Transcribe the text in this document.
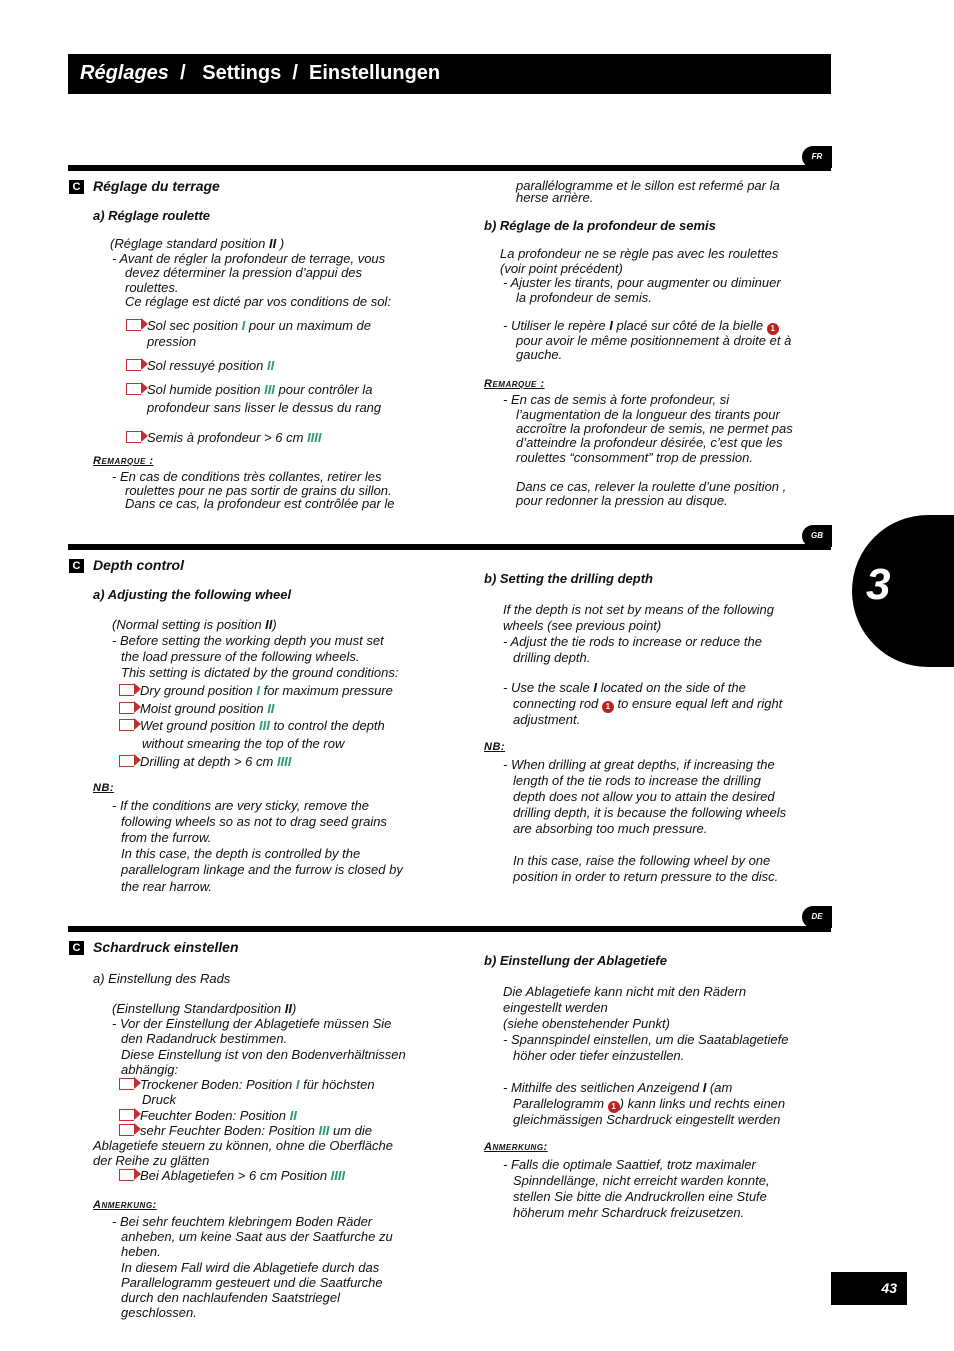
Réglages / Settings / Einstellungen
3
FR
C Réglage du terrage
a) Réglage roulette
(Réglage standard position II )
- Avant de régler la profondeur de terrage, vous
devez déterminer la pression d’appui des
roulettes.
Ce réglage est dicté par vos conditions de sol:
Sol sec position I pour un maximum de
pression
Sol ressuyé position II
Sol humide position III pour contrôler la
profondeur sans lisser le dessus du rang
Semis à profondeur > 6 cm IIII
Remarque :
- En cas de conditions très collantes, retirer les
roulettes pour ne pas sortir de grains du sillon.
Dans ce cas, la profondeur est contrôlée par le
parallélogramme et le sillon est refermé par la
herse arrière.
b) Réglage de la profondeur de semis
La profondeur ne se règle pas avec les roulettes
(voir point précédent)
- Ajuster les tirants, pour augmenter ou diminuer
la profondeur de semis.
- Utiliser le repère I placé sur côté de la bielle 1
pour avoir le même positionnement à droite et à
gauche.
Remarque :
- En cas de semis à forte profondeur, si
l’augmentation de la longueur des tirants pour
accroître la profondeur de semis, ne permet pas
d’atteindre la profondeur désirée, c’est que les
roulettes “consomment” trop de pression.
Dans ce cas, relever la roulette d’une position ,
pour redonner la pression au disque.
GB
C Depth control
a) Adjusting the following wheel
(Normal setting is position II)
- Before setting the working depth you must set
the load pressure of the following wheels.
This setting is dictated by the ground conditions:
Dry ground position I for maximum pressure
Moist ground position II
Wet ground position III to control the depth
without smearing the top of the row
Drilling at depth > 6 cm IIII
NB:
- If the conditions are very sticky, remove the
following wheels so as not to drag seed grains
from the furrow.
In this case, the depth is controlled by the
parallelogram linkage and the furrow is closed by
the rear harrow.
b) Setting the drilling depth
If the depth is not set by means of the following
wheels (see previous point)
- Adjust the tie rods to increase or reduce the
drilling depth.
- Use the scale I located on the side of the
connecting rod 1 to ensure equal left and right
adjustment.
NB:
- When drilling at great depths, if increasing the
length of the tie rods to increase the drilling
depth does not allow you to attain the desired
drilling depth, it is because the following wheels
are absorbing too much pressure.
In this case, raise the following wheel by one
position in order to return pressure to the disc.
DE
C Schardruck einstellen
a) Einstellung des Rads
(Einstellung Standardposition II)
- Vor der Einstellung der Ablagetiefe müssen Sie
den Radandruck bestimmen.
Diese Einstellung ist von den Bodenverhältnissen
abhängig:
Trockener Boden: Position I für höchsten
Druck
Feuchter Boden: Position II
sehr Feuchter Boden: Position III um die
Ablagetiefe steuern zu können, ohne die Oberfläche
der Reihe zu glätten
Bei Ablagetiefen > 6 cm Position IIII
Anmerkung:
- Bei sehr feuchtem klebringem Boden Räder
anheben, um keine Saat aus der Saatfurche zu
heben.
In diesem Fall wird die Ablagetiefe durch das
Parallelogramm gesteuert und die Saatfurche
durch den nachlaufenden Saatstriegel
geschlossen.
b) Einstellung der Ablagetiefe
Die Ablagetiefe kann nicht mit den Rädern
eingestellt werden
(siehe obenstehender Punkt)
- Spannspindel einstellen, um die Saatablagetiefe
höher oder tiefer einzustellen.
- Mithilfe des seitlichen Anzeigend I (am
Parallelogramm 1 ) kann links und rechts einen
gleichmässigen Schardruck eingestellt werden
Anmerkung:
- Falls die optimale Saattief, trotz maximaler
Spinndellänge, nicht erreicht warden konnte,
stellen Sie bitte die Andruckrollen eine Stufe
höherum mehr Schardruck freizusetzen.
43
